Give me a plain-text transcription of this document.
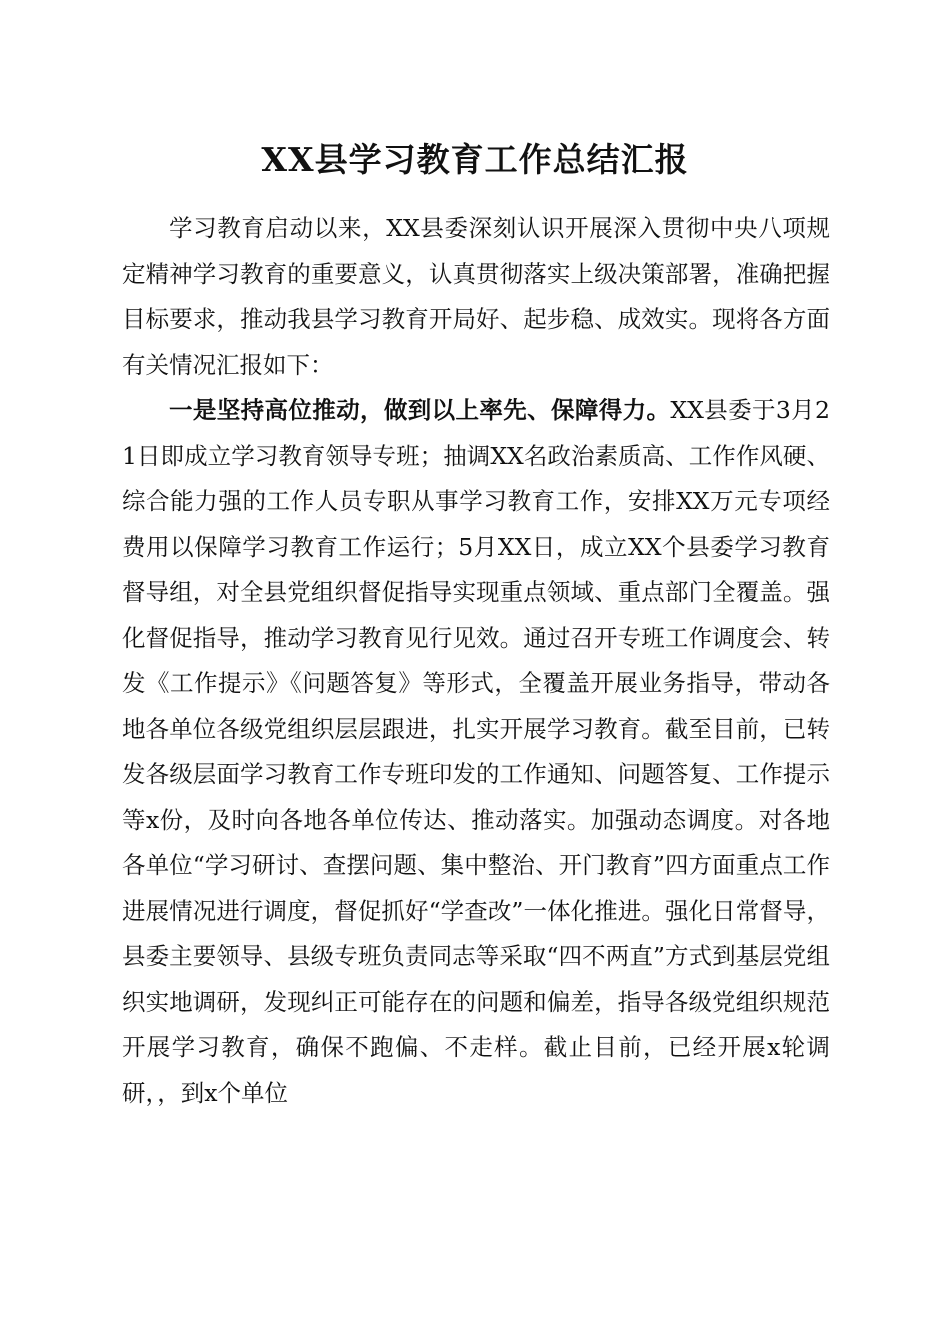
XX县学习教育工作总结汇报

学习教育启动以来，XX县委深刻认识开展深入贯彻中央八项规定精神学习教育的重要意义，认真贯彻落实上级决策部署，准确把握目标要求，推动我县学习教育开局好、起步稳、成效实。现将各方面有关情况汇报如下：

一是坚持高位推动，做到以上率先、保障得力。XX县委于3月21日即成立学习教育领导专班；抽调XX名政治素质高、工作作风硬、综合能力强的工作人员专职从事学习教育工作，安排XX万元专项经费用以保障学习教育工作运行；5月XX日，成立XX个县委学习教育督导组，对全县党组织督促指导实现重点领域、重点部门全覆盖。强化督促指导，推动学习教育见行见效。通过召开专班工作调度会、转发《工作提示》《问题答复》等形式，全覆盖开展业务指导，带动各地各单位各级党组织层层跟进，扎实开展学习教育。截至目前，已转发各级层面学习教育工作专班印发的工作通知、问题答复、工作提示等x份，及时向各地各单位传达、推动落实。加强动态调度。对各地各单位“学习研讨、查摆问题、集中整治、开门教育”四方面重点工作进展情况进行调度，督促抓好“学查改”一体化推进。强化日常督导，县委主要领导、县级专班负责同志等采取“四不两直”方式到基层党组织实地调研，发现纠正可能存在的问题和偏差，指导各级党组织规范开展学习教育，确保不跑偏、不走样。截止目前，已经开展x轮调研，，到x个单位
